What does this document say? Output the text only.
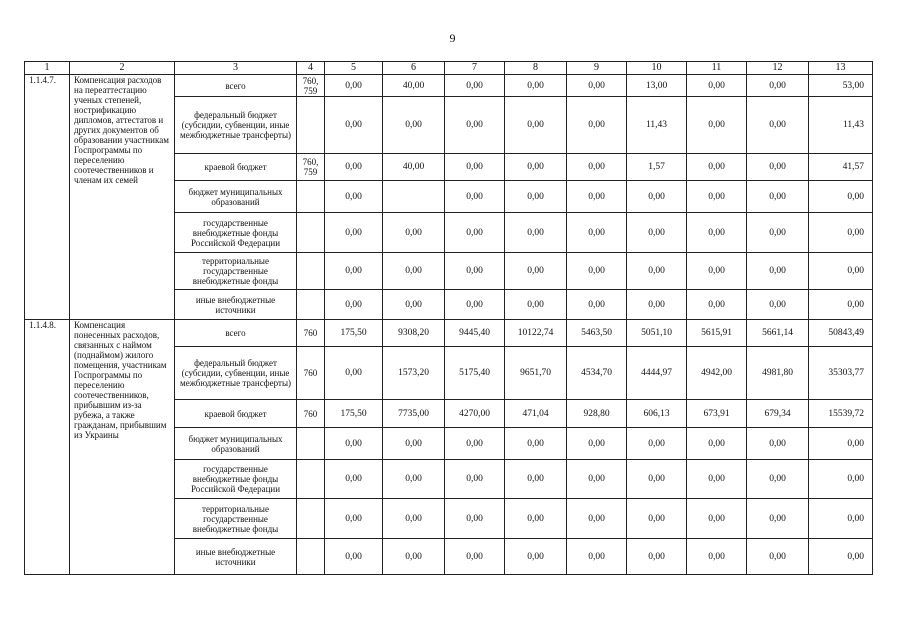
9
1	2	3	4	5	6	7	8	9	10	11	12	13
1.1.4.7.	Компенсация расходов на переаттестацию ученых степеней, нострификацию дипломов, аттестатов и других документов об образовании участникам Госпрограммы по переселению соотечественников и членам их семей	всего	760, 759	0,00	40,00	0,00	0,00	0,00	13,00	0,00	0,00	53,00
		федеральный бюджет (субсидии, субвенции, иные межбюджетные трансферты)		0,00	0,00	0,00	0,00	0,00	11,43	0,00	0,00	11,43
		краевой бюджет	760, 759	0,00	40,00	0,00	0,00	0,00	1,57	0,00	0,00	41,57
		бюджет муниципальных образований		0,00		0,00	0,00	0,00	0,00	0,00	0,00	0,00
		государственные внебюджетные фонды Российской Федерации		0,00	0,00	0,00	0,00	0,00	0,00	0,00	0,00	0,00
		территориальные государственные внебюджетные фонды		0,00	0,00	0,00	0,00	0,00	0,00	0,00	0,00	0,00
		иные внебюджетные источники		0,00	0,00	0,00	0,00	0,00	0,00	0,00	0,00	0,00
1.1.4.8.	Компенсация понесенных расходов, связанных с наймом (поднаймом) жилого помещения, участникам Госпрограммы по переселению соотечественников, прибывшим из-за рубежа, а также гражданам, прибывшим из Украины	всего	760	175,50	9308,20	9445,40	10122,74	5463,50	5051,10	5615,91	5661,14	50843,49
		федеральный бюджет (субсидии, субвенции, иные межбюджетные трансферты)	760	0,00	1573,20	5175,40	9651,70	4534,70	4444,97	4942,00	4981,80	35303,77
		краевой бюджет	760	175,50	7735,00	4270,00	471,04	928,80	606,13	673,91	679,34	15539,72
		бюджет муниципальных образований		0,00	0,00	0,00	0,00	0,00	0,00	0,00	0,00	0,00
		государственные внебюджетные фонды Российской Федерации		0,00	0,00	0,00	0,00	0,00	0,00	0,00	0,00	0,00
		территориальные государственные внебюджетные фонды		0,00	0,00	0,00	0,00	0,00	0,00	0,00	0,00	0,00
		иные внебюджетные источники		0,00	0,00	0,00	0,00	0,00	0,00	0,00	0,00	0,00
